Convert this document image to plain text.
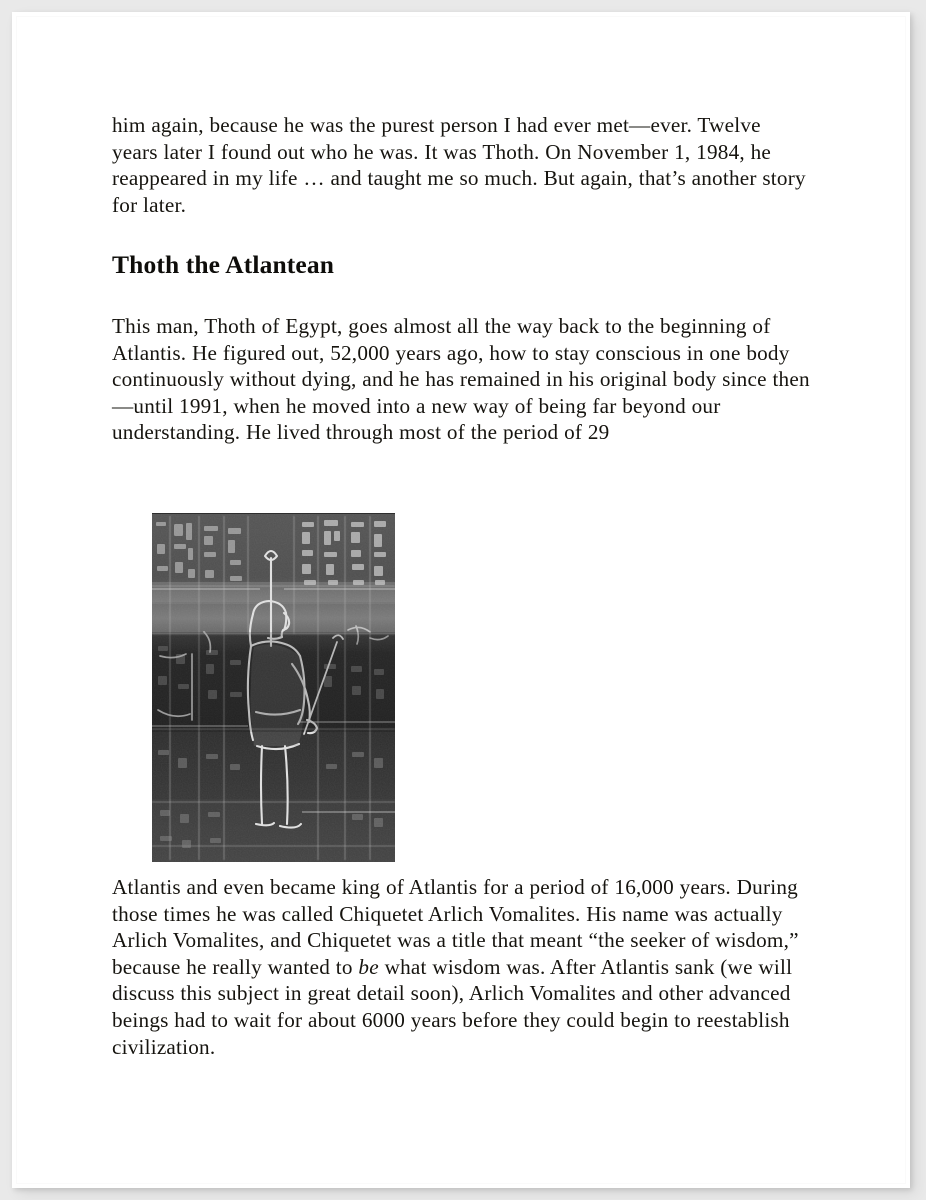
him again, because he was the purest person I had ever met—ever. Twelve years later I found out who he was. It was Thoth. On November 1, 1984, he reappeared in my life … and taught me so much. But again, that’s another story for later.

Thoth the Atlantean

This man, Thoth of Egypt, goes almost all the way back to the beginning of Atlantis. He figured out, 52,000 years ago, how to stay conscious in one body continuously without dying, and he has remained in his original body since then—until 1991, when he moved into a new way of being far beyond our understanding. He lived through most of the period of 29

Atlantis and even became king of Atlantis for a period of 16,000 years. During those times he was called Chiquetet Arlich Vomalites. His name was actually Arlich Vomalites, and Chiquetet was a title that meant “the seeker of wisdom,” because he really wanted to be what wisdom was. After Atlantis sank (we will discuss this subject in great detail soon), Arlich Vomalites and other advanced beings had to wait for about 6000 years before they could begin to reestablish civilization.
